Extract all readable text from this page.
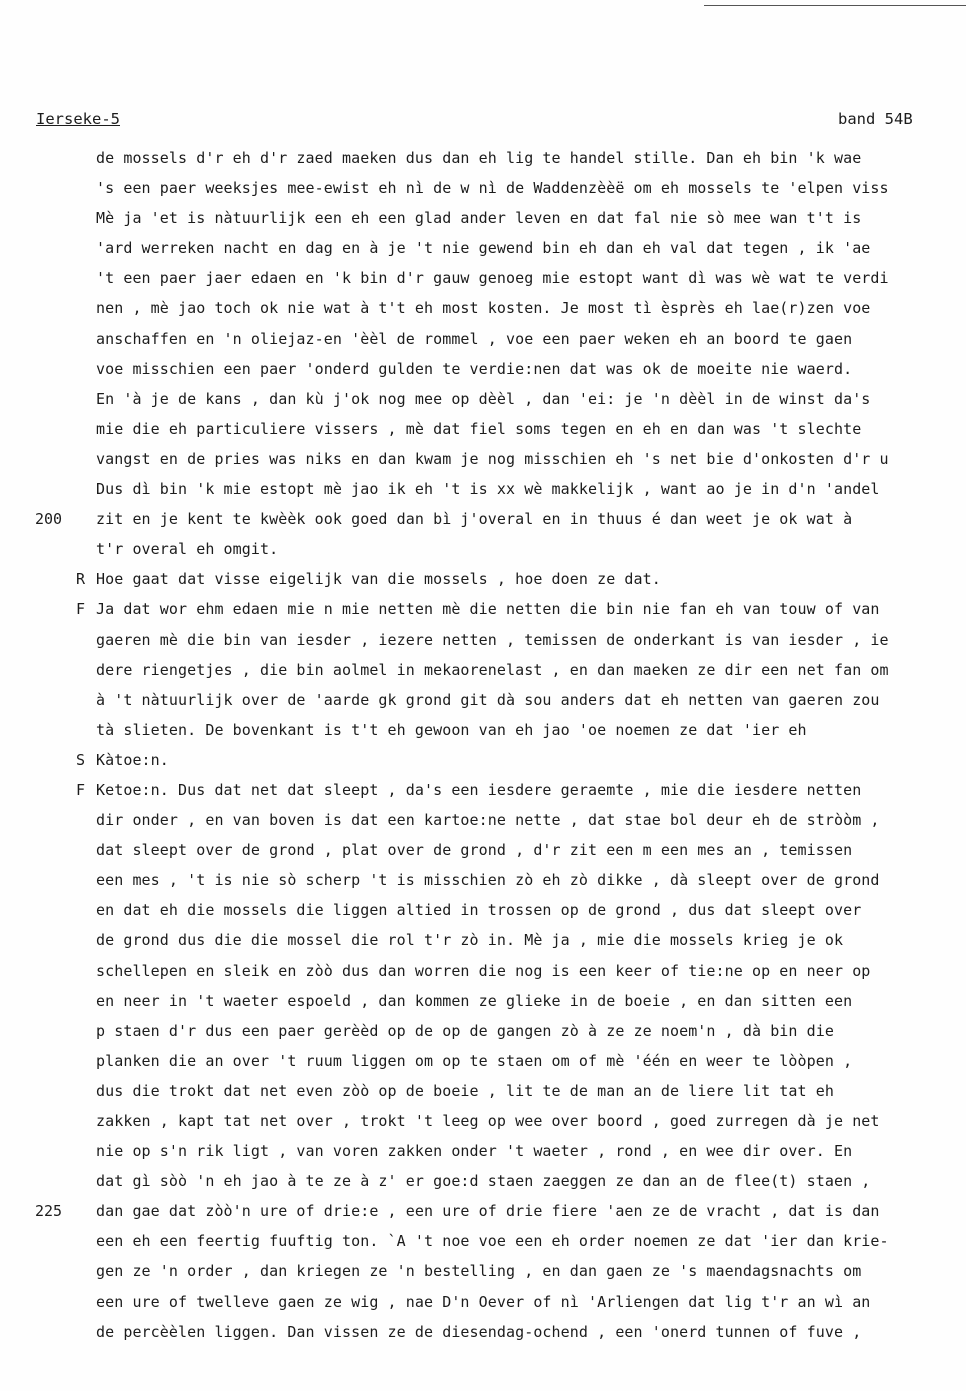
Ierseke-5	band 54B
de mossels d'r eh d'r zaed maeken dus dan eh lig te handel stille. Dan eh bin 'k wae
's een paer weeksjes mee-ewist eh nì de w nì de Waddenzèèë om eh mossels te 'elpen viss
Mè ja 'et is nàtuurlijk een eh een glad ander leven en dat fal nie sò mee wan t't is
'ard werreken nacht en dag en à je 't nie gewend bin eh dan eh val dat tegen , ik 'ae
't een paer jaer edaen en 'k bin d'r gauw genoeg mie estopt want dì was wè wat te verdi
nen , mè jao toch ok nie wat à t't eh most kosten. Je most tì èsprès eh lae(r)zen voe
anschaffen en 'n oliejaz-en 'èèl de rommel , voe een paer weken eh an boord te gaen
voe misschien een paer 'onderd gulden te verdie:nen dat was ok de moeite nie waerd.
En 'à je de kans , dan kù j'ok nog mee op dèèl , dan 'ei: je 'n dèèl in de winst da's
mie die eh particuliere vissers , mè dat fiel soms tegen en eh en dan was 't slechte
vangst en de pries was niks en dan kwam je nog misschien eh 's net bie d'onkosten d'r u
Dus dì bin 'k mie estopt mè jao ik eh 't is xx wè makkelijk , want ao je in d'n 'andel
200 zit en je kent te kwèèk ook goed dan bì j'overal en in thuus é dan weet je ok wat à
t'r overal eh omgit.
R Hoe gaat dat visse eigelijk van die mossels , hoe doen ze dat.
F Ja dat wor ehm edaen mie n mie netten mè die netten die bin nie fan eh van touw of van
gaeren mè die bin van iesder , iezere netten , temissen de onderkant is van iesder , ie
dere riengetjes , die bin aolmel in mekaorenelast , en dan maeken ze dir een net fan om
à 't nàtuurlijk over de 'aarde gk grond git dà sou anders dat eh netten van gaeren zou
tà slieten. De bovenkant is t't eh gewoon van eh jao 'oe noemen ze dat 'ier eh
S Kàtoe:n.
F Ketoe:n. Dus dat net dat sleept , da's een iesdere geraemte , mie die iesdere netten
dir onder , en van boven is dat een kartoe:ne nette , dat stae bol deur eh de stròòm ,
dat sleept over de grond , plat over de grond , d'r zit een m een mes an , temissen
een mes , 't is nie sò scherp 't is misschien zò eh zò dikke , dà sleept over de grond
en dat eh die mossels die liggen altied in trossen op de grond , dus dat sleept over
de grond dus die die mossel die rol t'r zò in. Mè ja , mie die mossels krieg je ok
schellepen en sleik en zòò dus dan worren die nog is een keer of tie:ne op en neer op
en neer in 't waeter espoeld , dan kommen ze glieke in de boeie , en dan sitten een
p staen d'r dus een paer gerèèd op de op de gangen zò à ze ze noem'n , dà bin die
planken die an over 't ruum liggen om op te staen om of mè 'één en weer te lòòpen ,
dus die trokt dat net even zòò op de boeie , lit te de man an de liere lit tat eh
zakken , kapt tat net over , trokt 't leeg op wee over boord , goed zurregen dà je net
nie op s'n rik ligt , van voren zakken onder 't waeter , rond , en wee dir over. En
dat gì sòò 'n eh jao à te ze à z' er goe:d staen zaeggen ze dan an de flee(t) staen ,
225 dan gae dat zòò'n ure of drie:e , een ure of drie fiere 'aen ze de vracht , dat is dan
een eh een feertig fuuftig ton. `A 't noe voe een eh order noemen ze dat 'ier dan krie-
gen ze 'n order , dan kriegen ze 'n bestelling , en dan gaen ze 's maendagsnachts om
een ure of twelleve gaen ze wig , nae D'n Oever of nì 'Arliengen dat lig t'r an wì an
de percèèlen liggen. Dan vissen ze de diesendag-ochend , een 'onerd tunnen of fuve ,
